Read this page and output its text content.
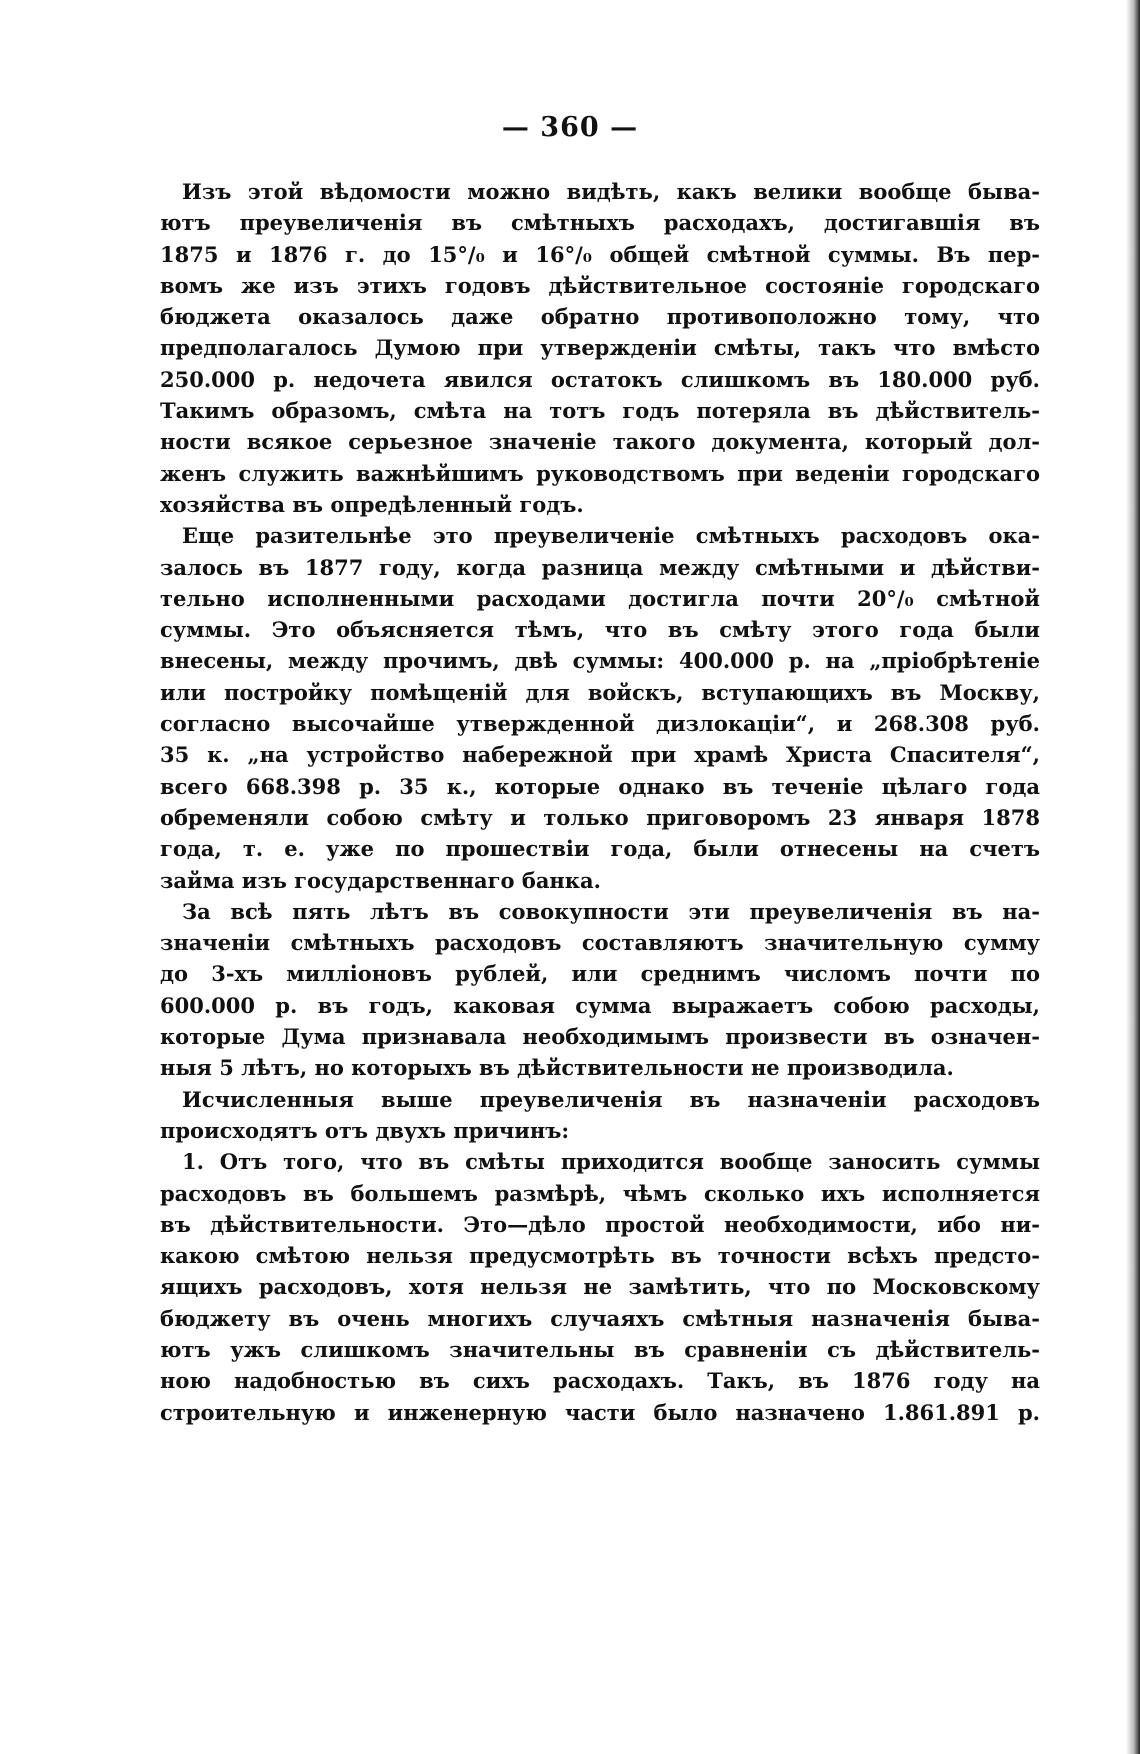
— 360 —
Изъ этой вѣдомости можно видѣть, какъ велики вообще быва-
ютъ преувеличенія въ смѣтныхъ расходахъ, достигавшія въ
1875 и 1876 г. до 15°/₀ и 16°/₀ общей смѣтной суммы. Въ пер-
вомъ же изъ этихъ годовъ дѣйствительное состояніе городскаго
бюджета оказалось даже обратно противоположно тому, что
предполагалось Думою при утвержденіи смѣты, такъ что вмѣсто
250.000 р. недочета явился остатокъ слишкомъ въ 180.000 руб.
Такимъ образомъ, смѣта на тотъ годъ потеряла въ дѣйствитель-
ности всякое серьезное значеніе такого документа, который дол-
женъ служить важнѣйшимъ руководствомъ при веденіи городскаго
хозяйства въ опредѣленный годъ.
Еще разительнѣе это преувеличеніе смѣтныхъ расходовъ ока-
залось въ 1877 году, когда разница между смѣтными и дѣйстви-
тельно исполненными расходами достигла почти 20°/₀ смѣтной
суммы. Это объясняется тѣмъ, что въ смѣту этого года были
внесены, между прочимъ, двѣ суммы: 400.000 р. на „пріобрѣтеніе
или постройку помѣщеній для войскъ, вступающихъ въ Москву,
согласно высочайше утвержденной дизлокаціи“, и 268.308 руб.
35 к. „на устройство набережной при храмѣ Христа Спасителя“,
всего 668.398 р. 35 к., которые однако въ теченіе цѣлаго года
обременяли собою смѣту и только приговоромъ 23 января 1878
года, т. е. уже по прошествіи года, были отнесены на счетъ
займа изъ государственнаго банка.
За всѣ пять лѣтъ въ совокупности эти преувеличенія въ на-
значеніи смѣтныхъ расходовъ составляютъ значительную сумму
до 3-хъ милліоновъ рублей, или среднимъ числомъ почти по
600.000 р. въ годъ, каковая сумма выражаетъ собою расходы,
которые Дума признавала необходимымъ произвести въ означен-
ныя 5 лѣтъ, но которыхъ въ дѣйствительности не производила.
Исчисленныя выше преувеличенія въ назначеніи расходовъ
происходятъ отъ двухъ причинъ:
1. Отъ того, что въ смѣты приходится вообще заносить суммы
расходовъ въ большемъ размѣрѣ, чѣмъ сколько ихъ исполняется
въ дѣйствительности. Это—дѣло простой необходимости, ибо ни-
какою смѣтою нельзя предусмотрѣть въ точности всѣхъ предсто-
ящихъ расходовъ, хотя нельзя не замѣтить, что по Московскому
бюджету въ очень многихъ случаяхъ смѣтныя назначенія быва-
ютъ ужъ слишкомъ значительны въ сравненіи съ дѣйствитель-
ною надобностью въ сихъ расходахъ. Такъ, въ 1876 году на
строительную и инженерную части было назначено 1.861.891 р.
